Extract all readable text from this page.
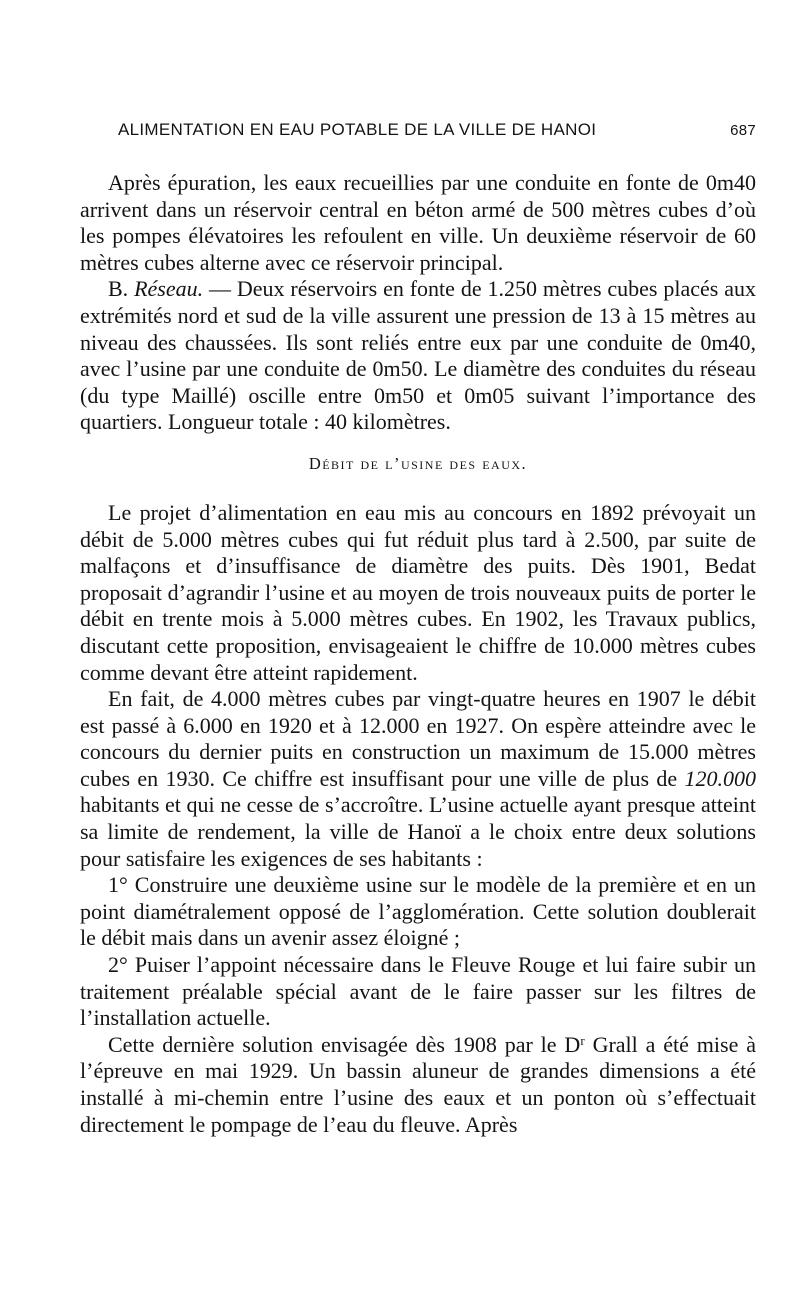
ALIMENTATION EN EAU POTABLE DE LA VILLE DE HANOI	687

Après épuration, les eaux recueillies par une conduite en fonte de 0m40 arrivent dans un réservoir central en béton armé de 500 mètres cubes d’où les pompes élévatoires les refoulent en ville. Un deuxième réservoir de 60 mètres cubes alterne avec ce réservoir principal.

B. Réseau. — Deux réservoirs en fonte de 1.250 mètres cubes placés aux extrémités nord et sud de la ville assurent une pression de 13 à 15 mètres au niveau des chaussées. Ils sont reliés entre eux par une conduite de 0m40, avec l’usine par une conduite de 0m50. Le diamètre des conduites du réseau (du type Maillé) oscille entre 0m50 et 0m05 suivant l’importance des quartiers. Longueur totale : 40 kilomètres.

Débit de l’usine des eaux.

Le projet d’alimentation en eau mis au concours en 1892 prévoyait un débit de 5.000 mètres cubes qui fut réduit plus tard à 2.500, par suite de malfaçons et d’insuffisance de diamètre des puits. Dès 1901, Bedat proposait d’agrandir l’usine et au moyen de trois nouveaux puits de porter le débit en trente mois à 5.000 mètres cubes. En 1902, les Travaux publics, discutant cette proposition, envisageaient le chiffre de 10.000 mètres cubes comme devant être atteint rapidement.

En fait, de 4.000 mètres cubes par vingt-quatre heures en 1907 le débit est passé à 6.000 en 1920 et à 12.000 en 1927. On espère atteindre avec le concours du dernier puits en construction un maximum de 15.000 mètres cubes en 1930. Ce chiffre est insuffisant pour une ville de plus de 120.000 habitants et qui ne cesse de s’accroître. L’usine actuelle ayant presque atteint sa limite de rendement, la ville de Hanoï a le choix entre deux solutions pour satisfaire les exigences de ses habitants :

1° Construire une deuxième usine sur le modèle de la première et en un point diamétralement opposé de l’agglomération. Cette solution doublerait le débit mais dans un avenir assez éloigné ;

2° Puiser l’appoint nécessaire dans le Fleuve Rouge et lui faire subir un traitement préalable spécial avant de le faire passer sur les filtres de l’installation actuelle.

Cette dernière solution envisagée dès 1908 par le $D^r$ Grall a été mise à l’épreuve en mai 1929. Un bassin aluneur de grandes dimensions a été installé à mi-chemin entre l’usine des eaux et un ponton où s’effectuait directement le pompage de l’eau du fleuve. Après
